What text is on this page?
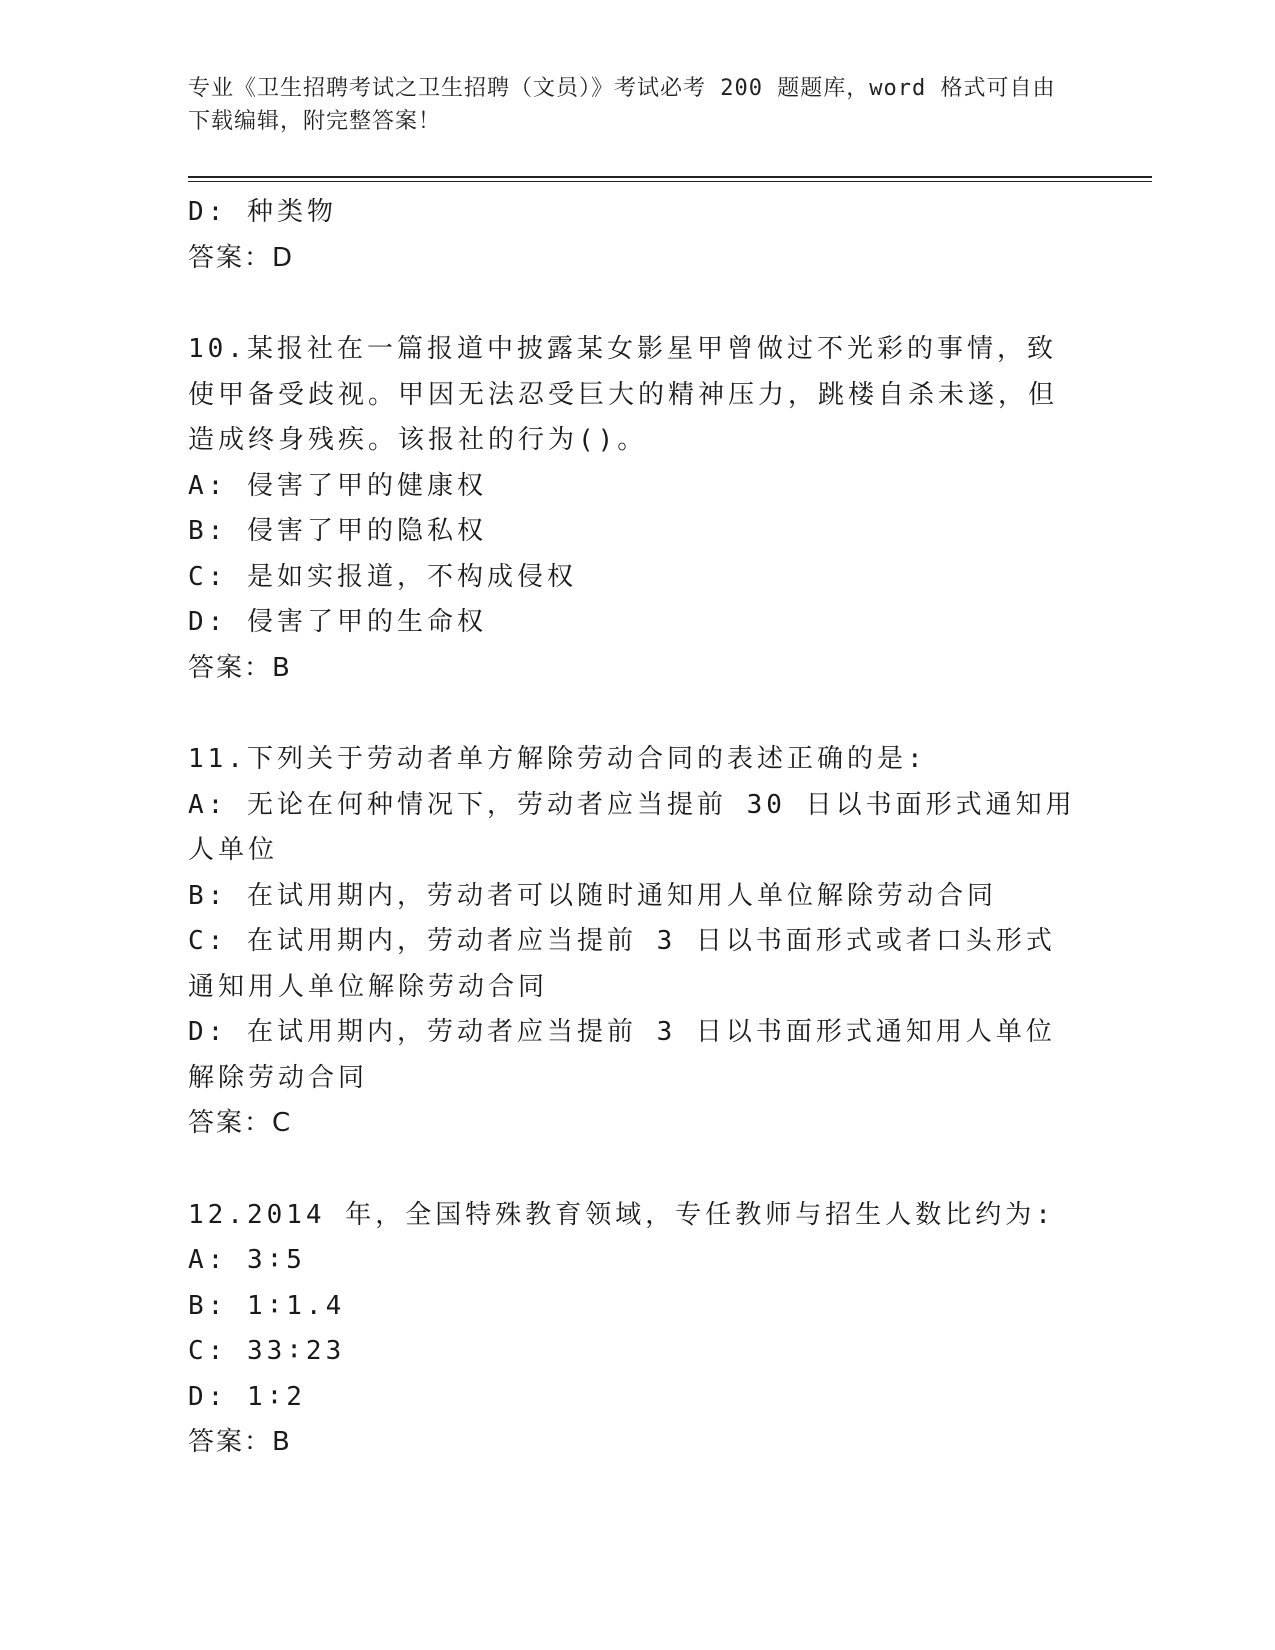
专业《卫生招聘考试之卫生招聘（文员）》考试必考 200 题题库，word 格式可自由下载编辑，附完整答案！
D: 种类物
答案：D
10.某报社在一篇报道中披露某女影星甲曾做过不光彩的事情，致使甲备受歧视。甲因无法忍受巨大的精神压力，跳楼自杀未遂，但造成终身残疾。该报社的行为()。
A: 侵害了甲的健康权
B: 侵害了甲的隐私权
C: 是如实报道，不构成侵权
D: 侵害了甲的生命权
答案：B
11.下列关于劳动者单方解除劳动合同的表述正确的是:
A: 无论在何种情况下，劳动者应当提前 30 日以书面形式通知用人单位
B: 在试用期内，劳动者可以随时通知用人单位解除劳动合同
C: 在试用期内，劳动者应当提前 3 日以书面形式或者口头形式通知用人单位解除劳动合同
D: 在试用期内，劳动者应当提前 3 日以书面形式通知用人单位解除劳动合同
答案：C
12.2014 年，全国特殊教育领域，专任教师与招生人数比约为:
A: 3∶5
B: 1∶1.4
C: 33∶23
D: 1∶2
答案：B
